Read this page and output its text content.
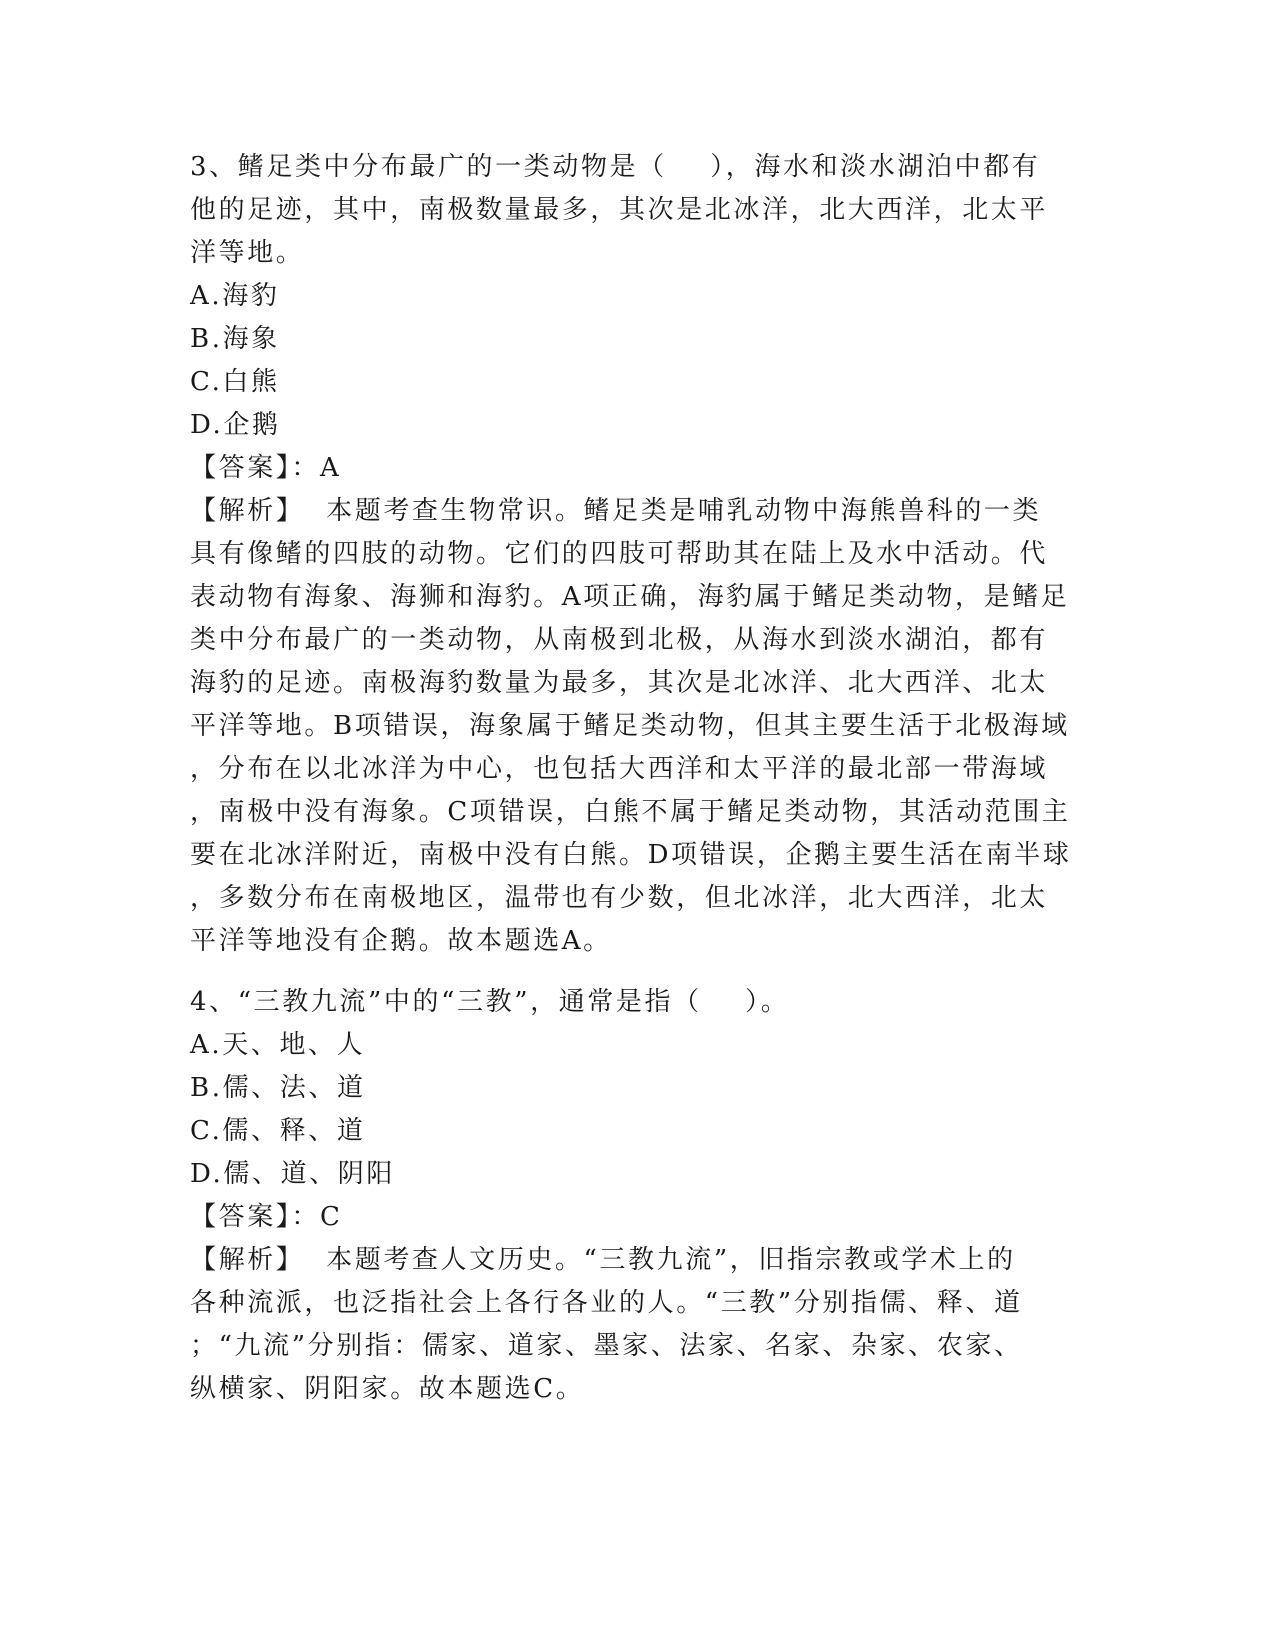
3、鳍足类中分布最广的一类动物是（    ），海水和淡水湖泊中都有
他的足迹，其中，南极数量最多，其次是北冰洋，北大西洋，北太平
洋等地。
A.海豹
B.海象
C.白熊
D.企鹅
【答案】：A
【解析】  本题考查生物常识。鳍足类是哺乳动物中海熊兽科的一类
具有像鳍的四肢的动物。它们的四肢可帮助其在陆上及水中活动。代
表动物有海象、海狮和海豹。A项正确，海豹属于鳍足类动物，是鳍足
类中分布最广的一类动物，从南极到北极，从海水到淡水湖泊，都有
海豹的足迹。南极海豹数量为最多，其次是北冰洋、北大西洋、北太
平洋等地。B项错误，海象属于鳍足类动物，但其主要生活于北极海域
，分布在以北冰洋为中心，也包括大西洋和太平洋的最北部一带海域
，南极中没有海象。C项错误，白熊不属于鳍足类动物，其活动范围主
要在北冰洋附近，南极中没有白熊。D项错误，企鹅主要生活在南半球
，多数分布在南极地区，温带也有少数，但北冰洋，北大西洋，北太
平洋等地没有企鹅。故本题选A。
4、“三教九流”中的“三教”，通常是指（    ）。
A.天、地、人
B.儒、法、道
C.儒、释、道
D.儒、道、阴阳
【答案】：C
【解析】  本题考查人文历史。“三教九流”，旧指宗教或学术上的
各种流派，也泛指社会上各行各业的人。“三教”分别指儒、释、道
；“九流”分别指：儒家、道家、墨家、法家、名家、杂家、农家、
纵横家、阴阳家。故本题选C。
